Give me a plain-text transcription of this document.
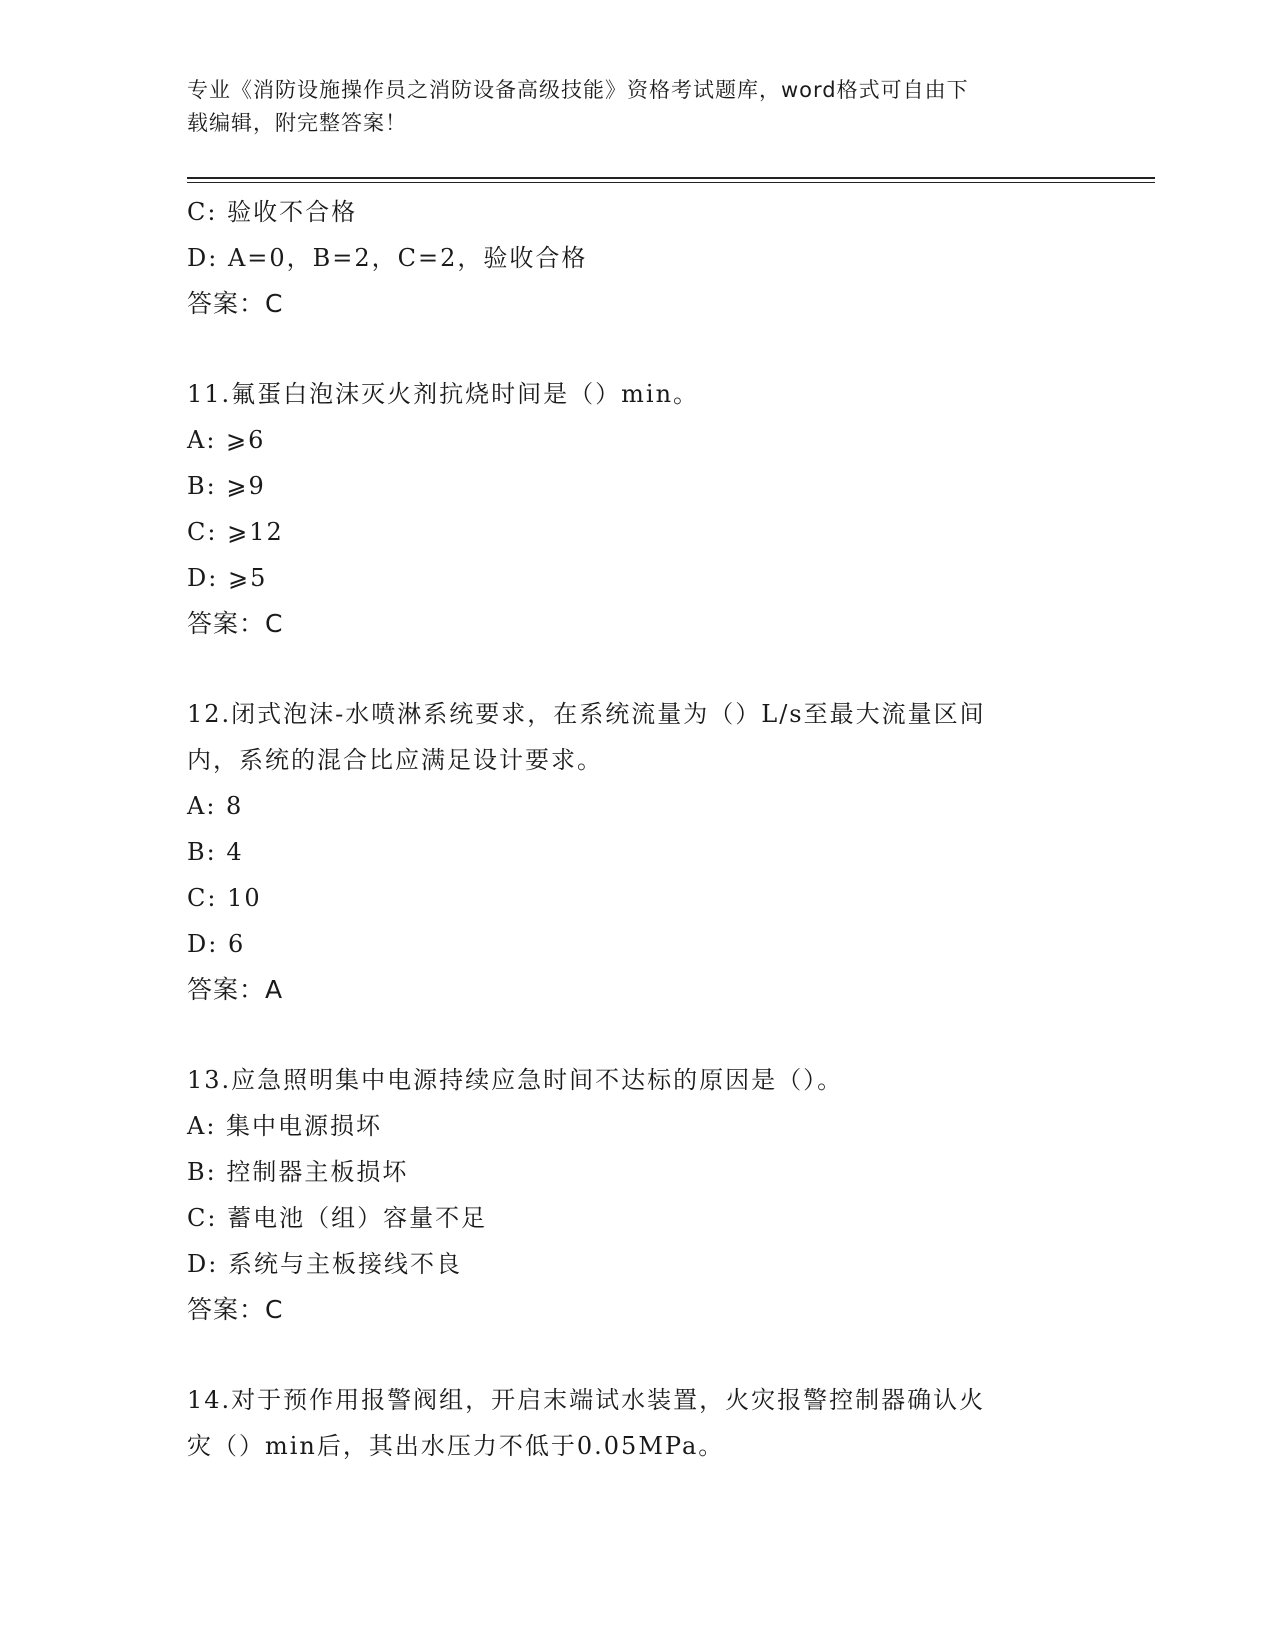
专业《消防设施操作员之消防设备高级技能》资格考试题库，word格式可自由下
载编辑，附完整答案！
C: 验收不合格
D: A=0，B=2，C=2，验收合格
答案：C
11.氟蛋白泡沫灭火剂抗烧时间是（）min。
A: ⩾6
B: ⩾9
C: ⩾12
D: ⩾5
答案：C
12.闭式泡沫-水喷淋系统要求，在系统流量为（）L/s至最大流量区间
内，系统的混合比应满足设计要求。
A: 8
B: 4
C: 10
D: 6
答案：A
13.应急照明集中电源持续应急时间不达标的原因是（）。
A: 集中电源损坏
B: 控制器主板损坏
C: 蓄电池（组）容量不足
D: 系统与主板接线不良
答案：C
14.对于预作用报警阀组，开启末端试水装置，火灾报警控制器确认火
灾（）min后，其出水压力不低于0.05MPa。
